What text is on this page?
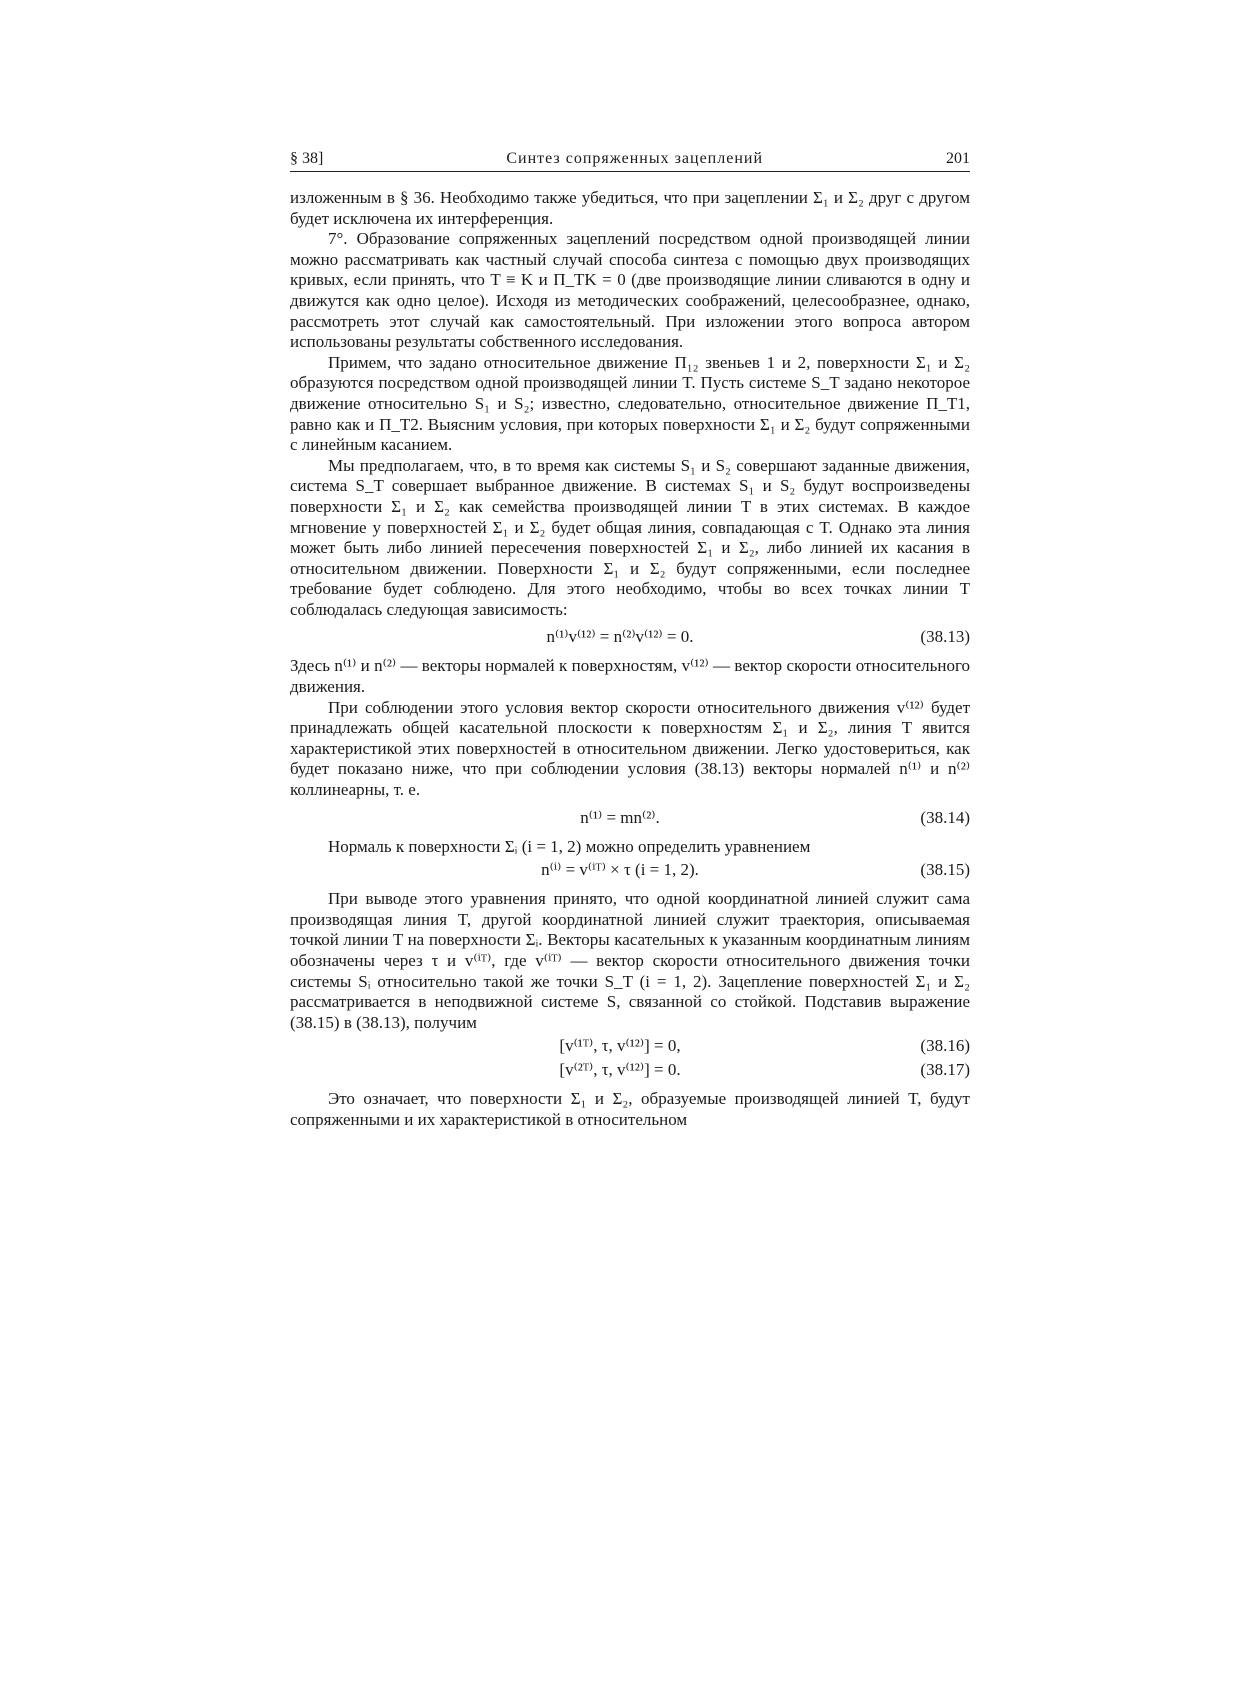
§ 38]	Синтез сопряженных зацеплений	201

изложенным в § 36. Необходимо также убедиться, что при зацеплении Σ₁ и Σ₂ друг с другом будет исключена их интерференция.

7°. Образование сопряженных зацеплений посредством одной производящей линии можно рассматривать как частный случай способа синтеза с помощью двух производящих кривых, если принять, что T ≡ K и Π_TK = 0 (две производящие линии сливаются в одну и движутся как одно целое). Исходя из методических соображений, целесообразнее, однако, рассмотреть этот случай как самостоятельный. При изложении этого вопроса автором использованы результаты собственного исследования.

Примем, что задано относительное движение Π₁₂ звеньев 1 и 2, поверхности Σ₁ и Σ₂ образуются посредством одной производящей линии T. Пусть системе S_T задано некоторое движение относительно S₁ и S₂; известно, следовательно, относительное движение Π_T1, равно как и Π_T2. Выясним условия, при которых поверхности Σ₁ и Σ₂ будут сопряженными с линейным касанием.

Мы предполагаем, что, в то время как системы S₁ и S₂ совершают заданные движения, система S_T совершает выбранное движение. В системах S₁ и S₂ будут воспроизведены поверхности Σ₁ и Σ₂ как семейства производящей линии T в этих системах. В каждое мгновение у поверхностей Σ₁ и Σ₂ будет общая линия, совпадающая с T. Однако эта линия может быть либо линией пересечения поверхностей Σ₁ и Σ₂, либо линией их касания в относительном движении. Поверхности Σ₁ и Σ₂ будут сопряженными, если последнее требование будет соблюдено. Для этого необходимо, чтобы во всех точках линии T соблюдалась следующая зависимость:

n⁽¹⁾v⁽¹²⁾ = n⁽²⁾v⁽¹²⁾ = 0.	(38.13)

Здесь n⁽¹⁾ и n⁽²⁾ — векторы нормалей к поверхностям, v⁽¹²⁾ — вектор скорости относительного движения.

При соблюдении этого условия вектор скорости относительного движения v⁽¹²⁾ будет принадлежать общей касательной плоскости к поверхностям Σ₁ и Σ₂, линия T явится характеристикой этих поверхностей в относительном движении. Легко удостовериться, как будет показано ниже, что при соблюдении условия (38.13) векторы нормалей n⁽¹⁾ и n⁽²⁾ коллинеарны, т. е.

n⁽¹⁾ = mn⁽²⁾.	(38.14)

Нормаль к поверхности Σᵢ (i = 1, 2) можно определить уравнением

n⁽ⁱ⁾ = v⁽ⁱᵀ⁾ × τ (i = 1, 2).	(38.15)

При выводе этого уравнения принято, что одной координатной линией служит сама производящая линия T, другой координатной линией служит траектория, описываемая точкой линии T на поверхности Σᵢ. Векторы касательных к указанным координатным линиям обозначены через τ и v⁽ⁱᵀ⁾, где v⁽ⁱᵀ⁾ — вектор скорости относительного движения точки системы Sᵢ относительно такой же точки S_T (i = 1, 2). Зацепление поверхностей Σ₁ и Σ₂ рассматривается в неподвижной системе S, связанной со стойкой. Подставив выражение (38.15) в (38.13), получим

[v⁽¹ᵀ⁾, τ, v⁽¹²⁾] = 0,	(38.16)
[v⁽²ᵀ⁾, τ, v⁽¹²⁾] = 0.	(38.17)

Это означает, что поверхности Σ₁ и Σ₂, образуемые производящей линией T, будут сопряженными и их характеристикой в относительном
